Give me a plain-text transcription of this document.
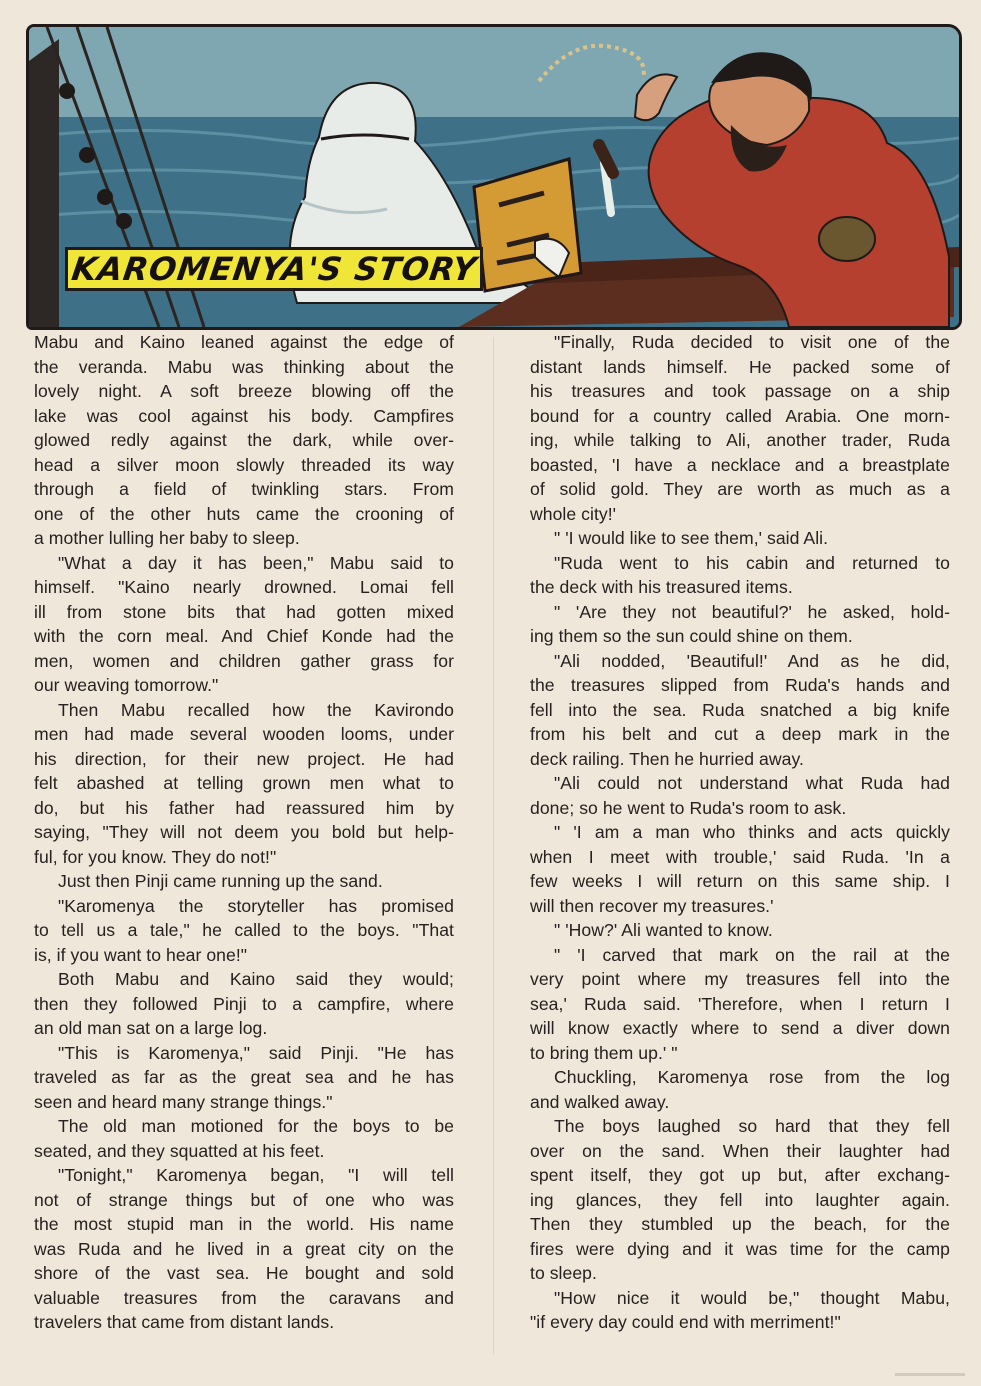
KAROMENYA'S STORY
Mabu and Kaino leaned against the edge of
the veranda. Mabu was thinking about the
lovely night. A soft breeze blowing off the
lake was cool against his body. Campfires
glowed redly against the dark, while over-
head a silver moon slowly threaded its way
through a field of twinkling stars. From
one of the other huts came the crooning of
a mother lulling her baby to sleep.
"What a day it has been," Mabu said to
himself. "Kaino nearly drowned. Lomai fell
ill from stone bits that had gotten mixed
with the corn meal. And Chief Konde had the
men, women and children gather grass for
our weaving tomorrow."
Then Mabu recalled how the Kavirondo
men had made several wooden looms, under
his direction, for their new project. He had
felt abashed at telling grown men what to
do, but his father had reassured him by
saying, "They will not deem you bold but help-
ful, for you know. They do not!"
Just then Pinji came running up the sand.
"Karomenya the storyteller has promised
to tell us a tale," he called to the boys. "That
is, if you want to hear one!"
Both Mabu and Kaino said they would;
then they followed Pinji to a campfire, where
an old man sat on a large log.
"This is Karomenya," said Pinji. "He has
traveled as far as the great sea and he has
seen and heard many strange things."
The old man motioned for the boys to be
seated, and they squatted at his feet.
"Tonight," Karomenya began, "I will tell
not of strange things but of one who was
the most stupid man in the world. His name
was Ruda and he lived in a great city on the
shore of the vast sea. He bought and sold
valuable treasures from the caravans and
travelers that came from distant lands.
"Finally, Ruda decided to visit one of the
distant lands himself. He packed some of
his treasures and took passage on a ship
bound for a country called Arabia. One morn-
ing, while talking to Ali, another trader, Ruda
boasted, 'I have a necklace and a breastplate
of solid gold. They are worth as much as a
whole city!'
" 'I would like to see them,' said Ali.
"Ruda went to his cabin and returned to
the deck with his treasured items.
" 'Are they not beautiful?' he asked, hold-
ing them so the sun could shine on them.
"Ali nodded, 'Beautiful!' And as he did,
the treasures slipped from Ruda's hands and
fell into the sea. Ruda snatched a big knife
from his belt and cut a deep mark in the
deck railing. Then he hurried away.
"Ali could not understand what Ruda had
done; so he went to Ruda's room to ask.
" 'I am a man who thinks and acts quickly
when I meet with trouble,' said Ruda. 'In a
few weeks I will return on this same ship. I
will then recover my treasures.'
" 'How?' Ali wanted to know.
" 'I carved that mark on the rail at the
very point where my treasures fell into the
sea,' Ruda said. 'Therefore, when I return I
will know exactly where to send a diver down
to bring them up.' "
Chuckling, Karomenya rose from the log
and walked away.
The boys laughed so hard that they fell
over on the sand. When their laughter had
spent itself, they got up but, after exchang-
ing glances, they fell into laughter again.
Then they stumbled up the beach, for the
fires were dying and it was time for the camp
to sleep.
"How nice it would be," thought Mabu,
"if every day could end with merriment!"
